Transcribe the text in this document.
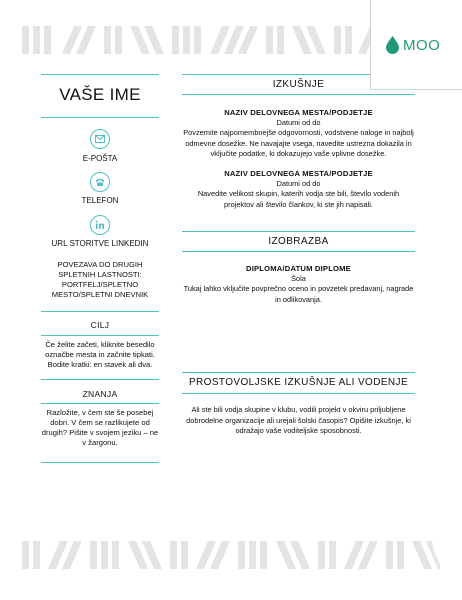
MOO
VAŠE IME
E-POŠTA
TELEFON
URL STORITVE LINKEDIN
POVEZAVA DO DRUGIH SPLETNIH LASTNOSTI: PORTFELJ/SPLETNO MESTO/SPLETNI DNEVNIK
CILJ
Če želite začeti, kliknite besedilo označbe mesta in začnite tipkati. Bodite kratki: en stavek ali dva.
ZNANJA
Razložite, v čem ste še posebej dobri. V čem se razlikujete od drugih? Pišite v svojem jeziku – ne v žargonu.
IZKUŠNJE
NAZIV DELOVNEGA MESTA/PODJETJE
Datumi od do
Povzemite najpomembnejše odgovornosti, vodstvene naloge in najbolj odmevne dosežke. Ne navajajte vsega, navedite ustrezna dokazila in vključite podatke, ki dokazujejo vaše vplivne dosežke.
NAZIV DELOVNEGA MESTA/PODJETJE
Datumi od do
Navedite velikost skupin, katerih vodja ste bili, število vodenih projektov ali število člankov, ki ste jih napisali.
IZOBRAZBA
DIPLOMA/DATUM DIPLOME
Šola
Tukaj lahko vključite povprečno oceno in povzetek predavanj, nagrade in odlikovanja.
PROSTOVOLJSKE IZKUŠNJE ALI VODENJE
Ali ste bili vodja skupine v klubu, vodili projekt v okviru priljubljene dobrodelne organizacije ali urejali šolski časopis? Opišite izkušnje, ki odražajo vaše voditeljske sposobnosti.
